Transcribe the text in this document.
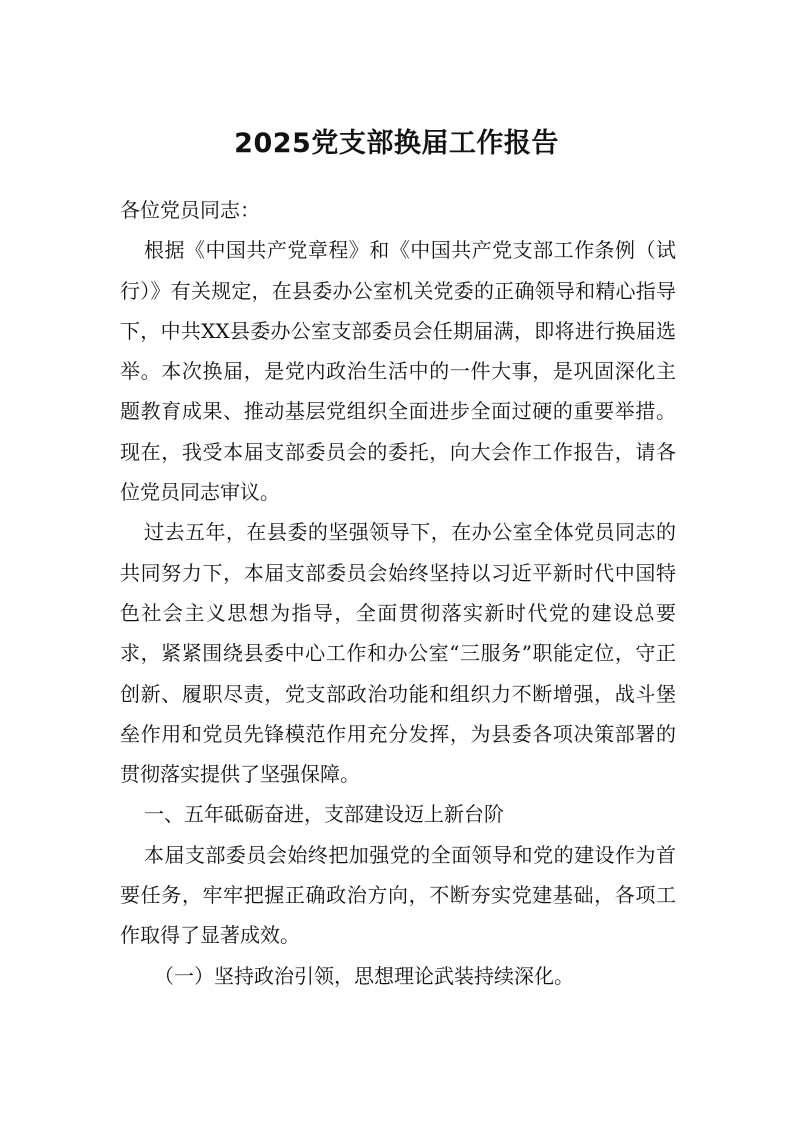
2025党支部换届工作报告

各位党员同志：

根据《中国共产党章程》和《中国共产党支部工作条例（试行）》有关规定，在县委办公室机关党委的正确领导和精心指导下，中共XX县委办公室支部委员会任期届满，即将进行换届选举。本次换届，是党内政治生活中的一件大事，是巩固深化主题教育成果、推动基层党组织全面进步全面过硬的重要举措。现在，我受本届支部委员会的委托，向大会作工作报告，请各位党员同志审议。

过去五年，在县委的坚强领导下，在办公室全体党员同志的共同努力下，本届支部委员会始终坚持以习近平新时代中国特色社会主义思想为指导，全面贯彻落实新时代党的建设总要求，紧紧围绕县委中心工作和办公室“三服务”职能定位，守正创新、履职尽责，党支部政治功能和组织力不断增强，战斗堡垒作用和党员先锋模范作用充分发挥，为县委各项决策部署的贯彻落实提供了坚强保障。

一、五年砥砺奋进，支部建设迈上新台阶

本届支部委员会始终把加强党的全面领导和党的建设作为首要任务，牢牢把握正确政治方向，不断夯实党建基础，各项工作取得了显著成效。

（一）坚持政治引领，思想理论武装持续深化。
